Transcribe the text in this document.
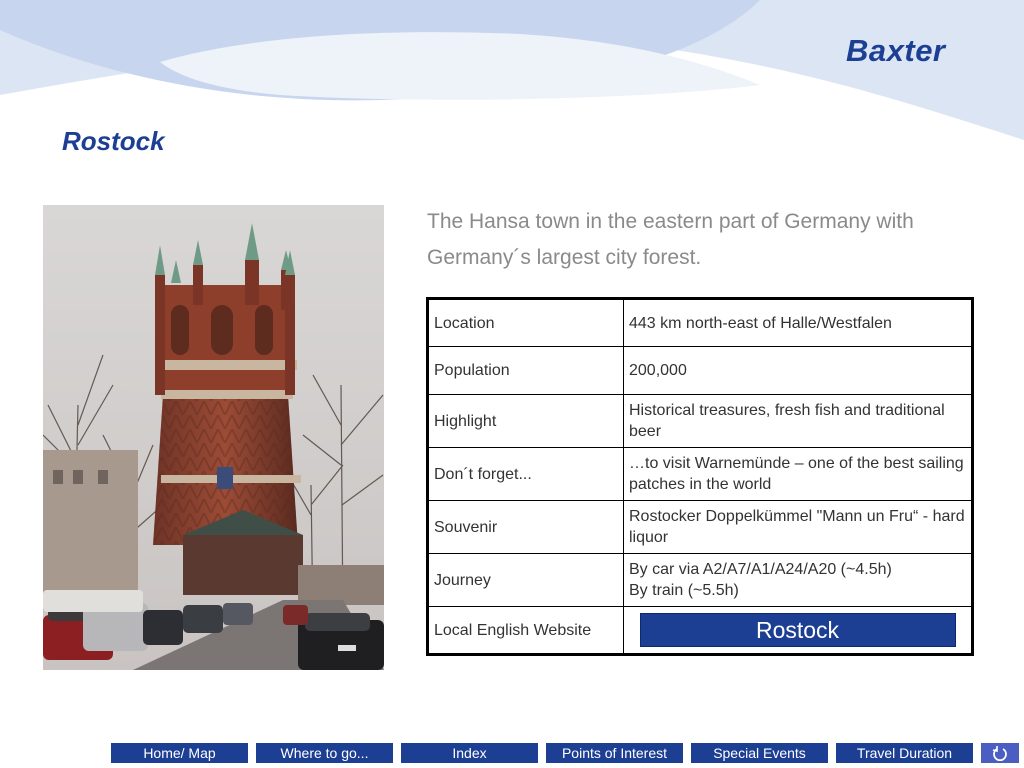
Baxter
Rostock

The Hansa town in the eastern part of Germany with Germany´s largest city forest.

Location	443 km north-east of Halle/Westfalen
Population	200,000
Highlight	Historical treasures, fresh fish and traditional beer
Don´t forget...	…to visit Warnemünde – one of the best sailing patches in the world
Souvenir	Rostocker Doppelkümmel "Mann un Fru“ - hard liquor
Journey	By car via A2/A7/A1/A24/A20 (~4.5h)
By train (~5.5h)

Local English Website	Rostock
Home/ Map	Where to go...	Index	Points of Interest	Special Events	Travel Duration
